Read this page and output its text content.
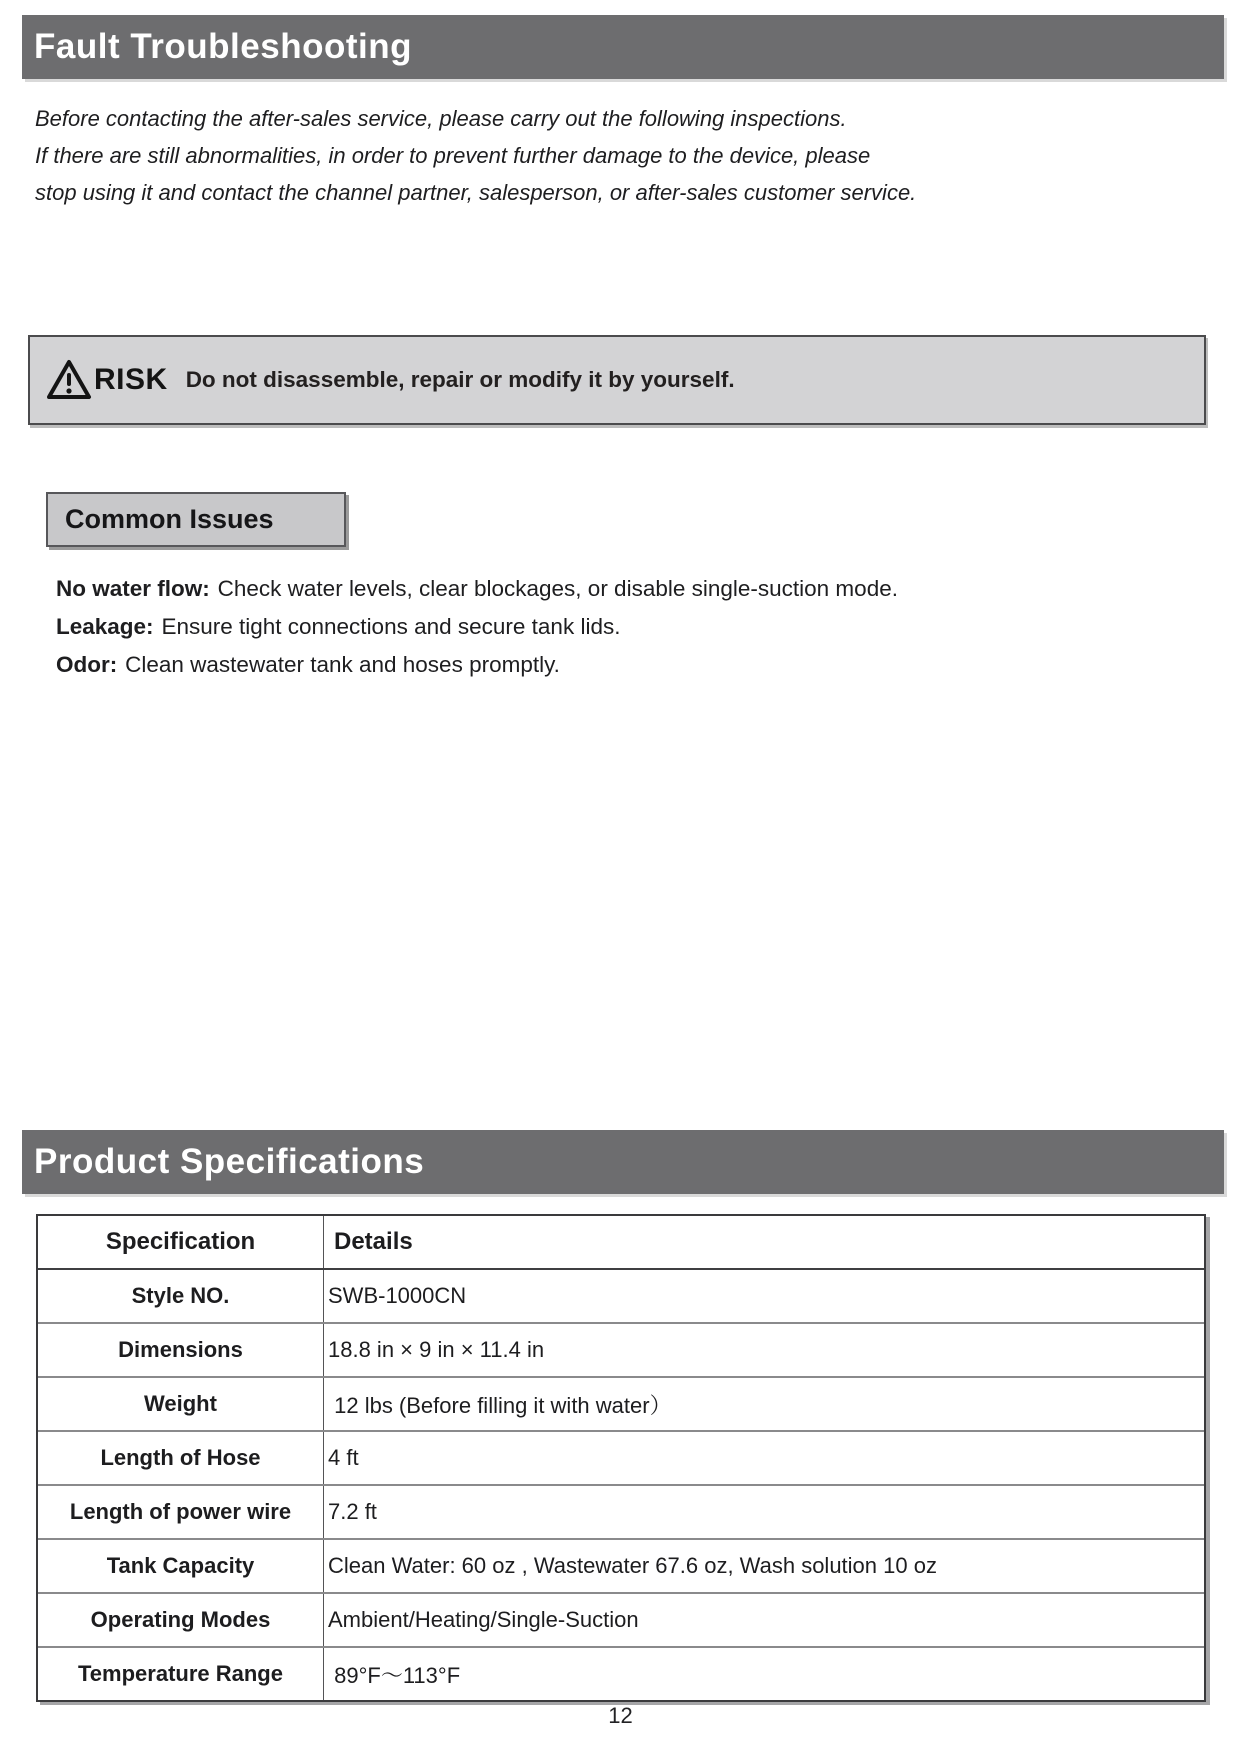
Fault Troubleshooting
Before contacting the after-sales service, please carry out the following inspections.
If there are still abnormalities, in order to prevent further damage to the device, please
stop using it and contact the channel partner, salesperson, or after-sales customer service.
RISK Do not disassemble, repair or modify it by yourself.
Common Issues
No water flow: Check water levels, clear blockages, or disable single-suction mode.
Leakage: Ensure tight connections and secure tank lids.
Odor: Clean wastewater tank and hoses promptly.
Product Specifications
Specification	Details
Style NO.	SWB-1000CN
Dimensions	18.8 in × 9 in × 11.4 in
Weight	12 lbs (Before filling it with water）
Length of Hose	4 ft
Length of power wire	7.2 ft
Tank Capacity	Clean Water: 60 oz , Wastewater 67.6 oz, Wash solution 10 oz
Operating Modes	Ambient/Heating/Single-Suction
Temperature Range	89°F～113°F
12
